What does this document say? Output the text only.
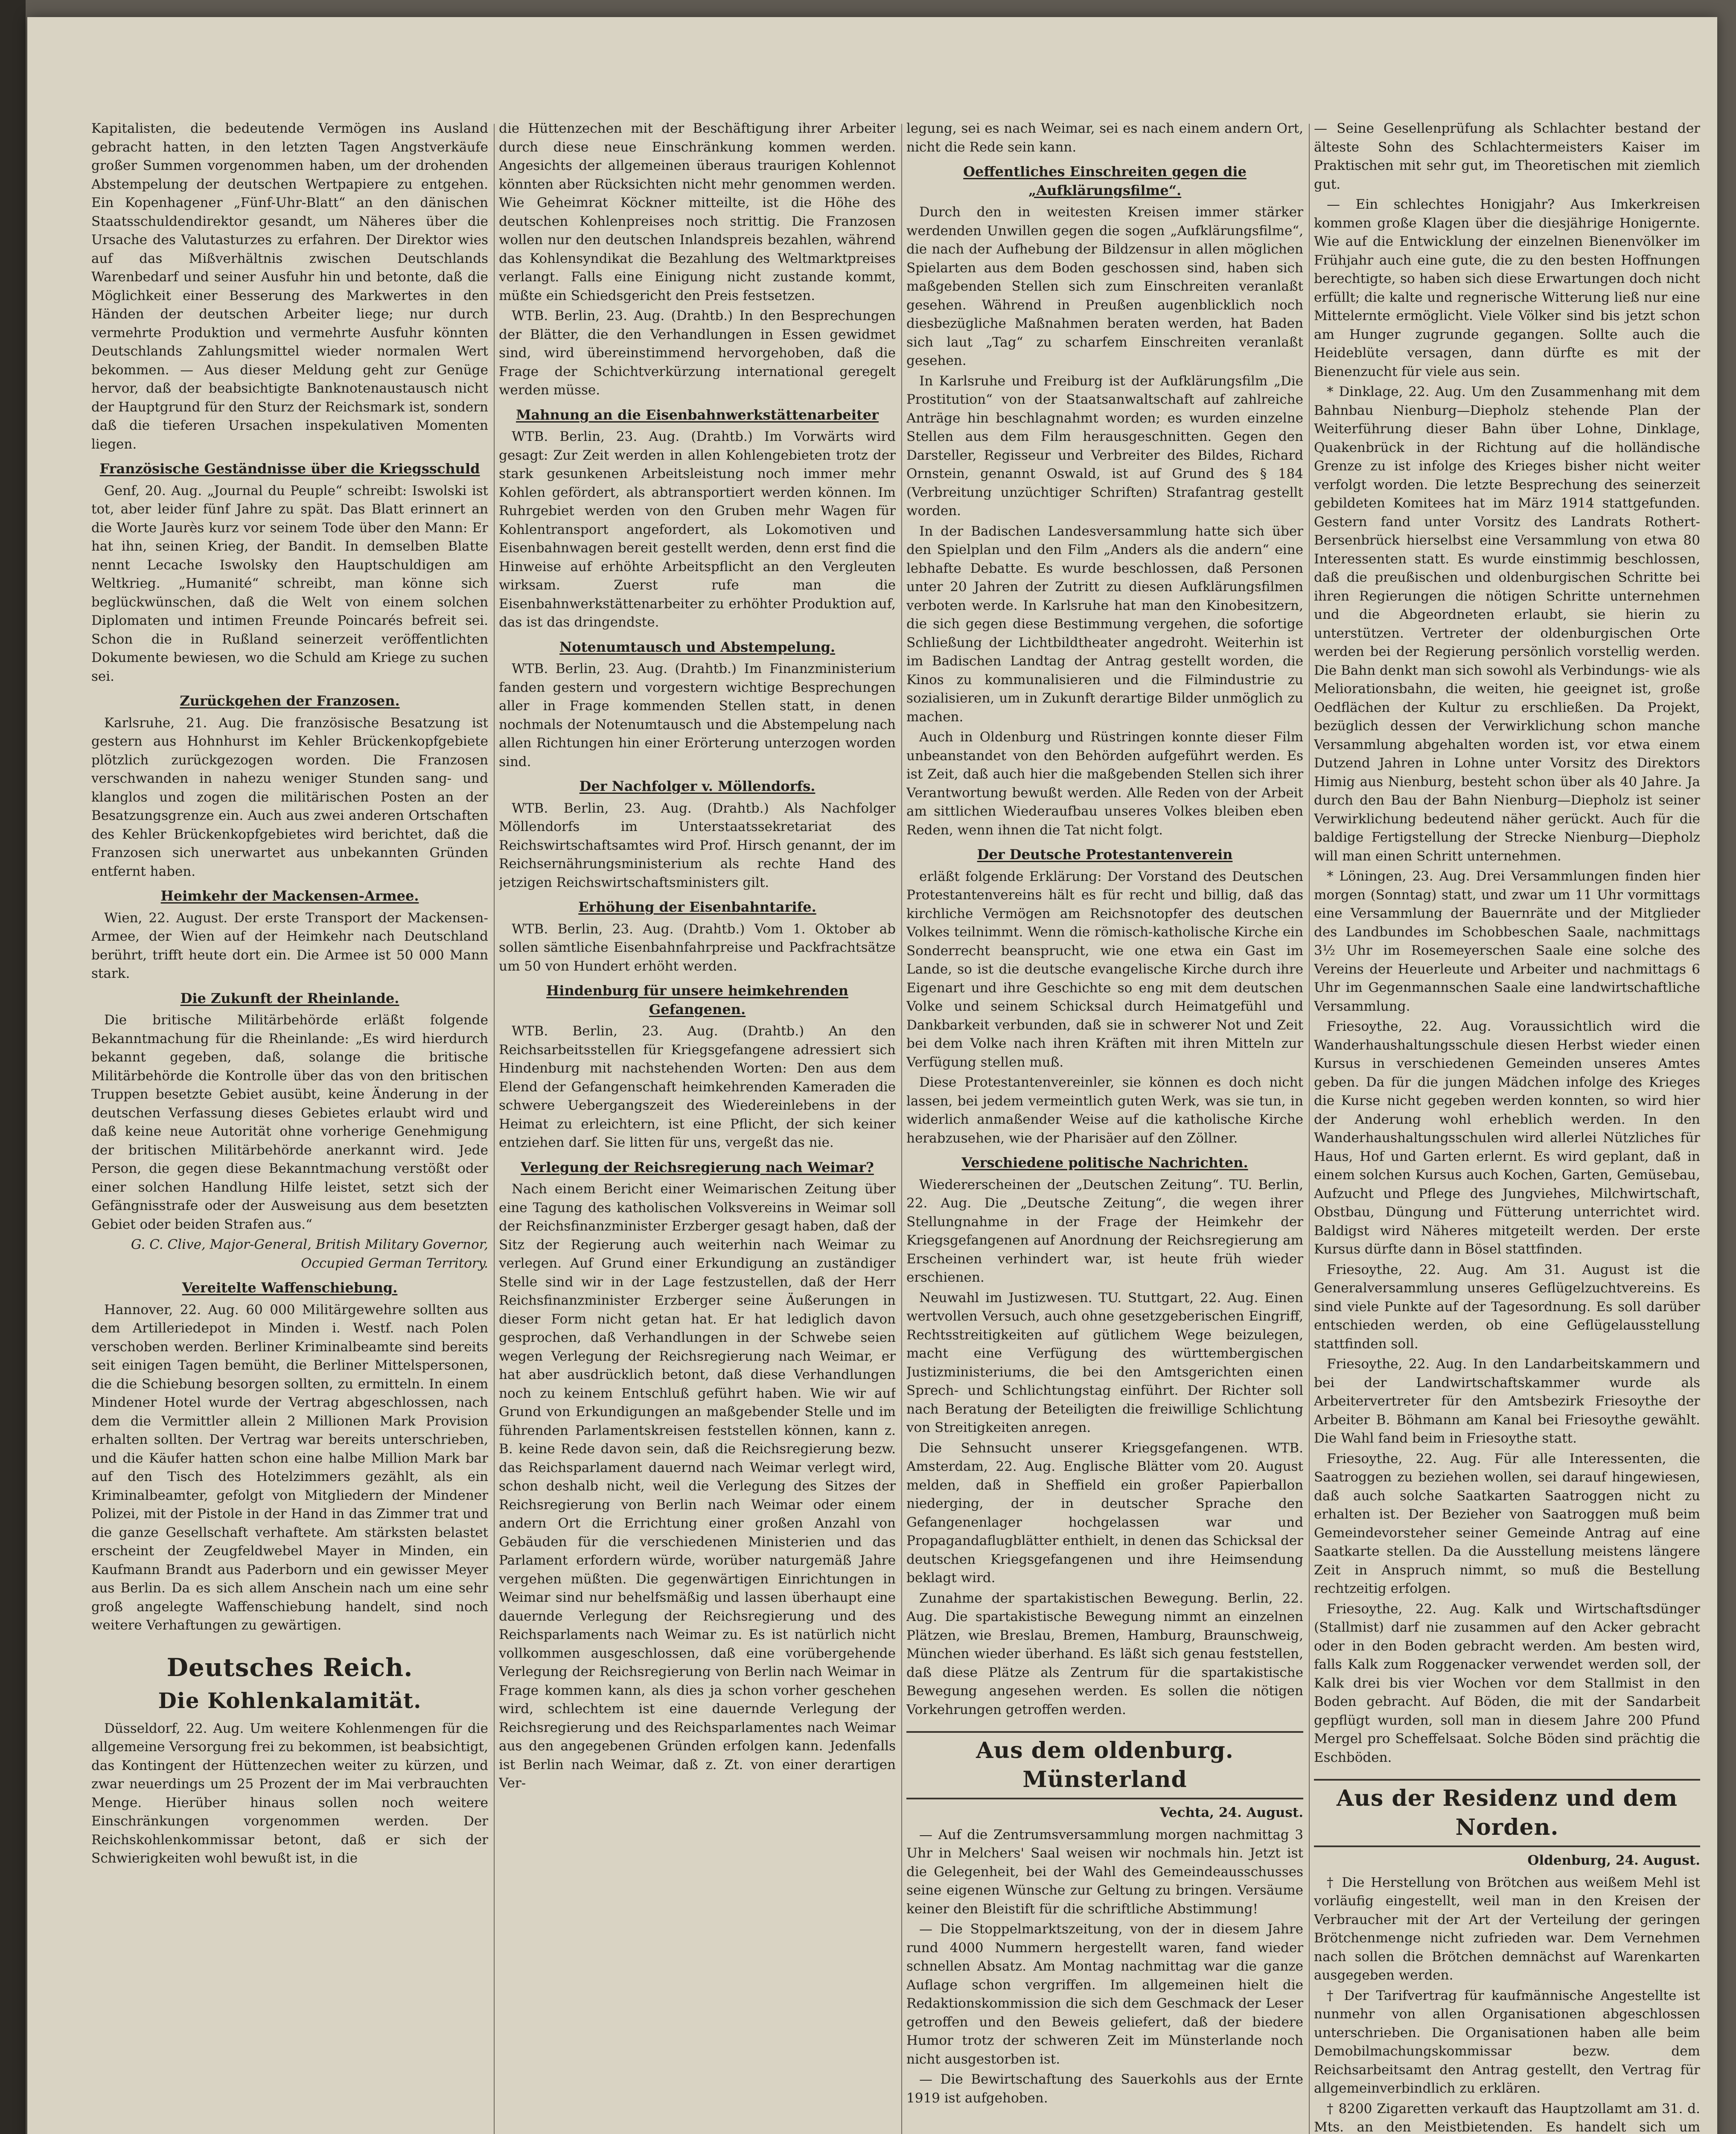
Kapitalisten, die bedeutende Vermögen ins Ausland gebracht hatten, in den letzten Tagen Angstverkäufe großer Summen vorgenommen haben, um der drohenden Abstempelung der deutschen Wertpapiere zu entgehen. Ein Kopenhagener „Fünf-Uhr-Blatt“ an den dänischen Staatsschuldendirektor gesandt, um Näheres über die Ursache des Valutasturzes zu erfahren. Der Direktor wies auf das Mißverhältnis zwischen Deutschlands Warenbedarf und seiner Ausfuhr hin und betonte, daß die Möglichkeit einer Besserung des Markwertes in den Händen der deutschen Arbeiter liege; nur durch vermehrte Produktion und vermehrte Ausfuhr könnten Deutschlands Zahlungsmittel wieder normalen Wert bekommen. — Aus dieser Meldung geht zur Genüge hervor, daß der beabsichtigte Banknotenaustausch nicht der Hauptgrund für den Sturz der Reichsmark ist, sondern daß die tieferen Ursachen inspekulativen Momenten liegen.

Französische Geständnisse über die Kriegsschuld

Genf, 20. Aug. „Journal du Peuple“ schreibt: Iswolski ist tot, aber leider fünf Jahre zu spät. Das Blatt erinnert an die Worte Jaurès kurz vor seinem Tode über den Mann: Er hat ihn, seinen Krieg, der Bandit. In demselben Blatte nennt Lecache Iswolsky den Hauptschuldigen am Weltkrieg. „Humanité“ schreibt, man könne sich beglückwünschen, daß die Welt von einem solchen Diplomaten und intimen Freunde Poincarés befreit sei. Schon die in Rußland seinerzeit veröffentlichten Dokumente bewiesen, wo die Schuld am Kriege zu suchen sei.

Zurückgehen der Franzosen.

Karlsruhe, 21. Aug. Die französische Besatzung ist gestern aus Hohnhurst im Kehler Brückenkopfgebiete plötzlich zurückgezogen worden. Die Franzosen verschwanden in nahezu weniger Stunden sang- und klanglos und zogen die militärischen Posten an der Besatzungsgrenze ein. Auch aus zwei anderen Ortschaften des Kehler Brückenkopfgebietes wird berichtet, daß die Franzosen sich unerwartet aus unbekannten Gründen entfernt haben.

Heimkehr der Mackensen-Armee.

Wien, 22. August. Der erste Transport der Mackensen-Armee, der Wien auf der Heimkehr nach Deutschland berührt, trifft heute dort ein. Die Armee ist 50 000 Mann stark.

Die Zukunft der Rheinlande.

Die britische Militärbehörde erläßt folgende Bekanntmachung für die Rheinlande: „Es wird hierdurch bekannt gegeben, daß, solange die britische Militärbehörde die Kontrolle über das von den britischen Truppen besetzte Gebiet ausübt, keine Änderung in der deutschen Verfassung dieses Gebietes erlaubt wird und daß keine neue Autorität ohne vorherige Genehmigung der britischen Militärbehörde anerkannt wird. Jede Person, die gegen diese Bekanntmachung verstößt oder einer solchen Handlung Hilfe leistet, setzt sich der Gefängnisstrafe oder der Ausweisung aus dem besetzten Gebiet oder beiden Strafen aus.“

G. C. Clive, Major-General, British Military Governor, Occupied German Territory.
Vereitelte Waffenschiebung.

Hannover, 22. Aug. 60 000 Militärgewehre sollten aus dem Artilleriedepot in Minden i. Westf. nach Polen verschoben werden. Berliner Kriminalbeamte sind bereits seit einigen Tagen bemüht, die Berliner Mittelspersonen, die die Schiebung besorgen sollten, zu ermitteln. In einem Mindener Hotel wurde der Vertrag abgeschlossen, nach dem die Vermittler allein 2 Millionen Mark Provision erhalten sollten. Der Vertrag war bereits unterschrieben, und die Käufer hatten schon eine halbe Million Mark bar auf den Tisch des Hotelzimmers gezählt, als ein Kriminalbeamter, gefolgt von Mitgliedern der Mindener Polizei, mit der Pistole in der Hand in das Zimmer trat und die ganze Gesellschaft verhaftete. Am stärksten belastet erscheint der Zeugfeldwebel Mayer in Minden, ein Kaufmann Brandt aus Paderborn und ein gewisser Meyer aus Berlin. Da es sich allem Anschein nach um eine sehr groß angelegte Waffenschiebung handelt, sind noch weitere Verhaftungen zu gewärtigen.

Deutsches Reich.
Die Kohlenkalamität.

Düsseldorf, 22. Aug. Um weitere Kohlenmengen für die allgemeine Versorgung frei zu bekommen, ist beabsichtigt, das Kontingent der Hüttenzechen weiter zu kürzen, und zwar neuerdings um 25 Prozent der im Mai verbrauchten Menge. Hierüber hinaus sollen noch weitere Einschränkungen vorgenommen werden. Der Reichskohlenkommissar betont, daß er sich der Schwierigkeiten wohl bewußt ist, in die

die Hüttenzechen mit der Beschäftigung ihrer Arbeiter durch diese neue Einschränkung kommen werden. Angesichts der allgemeinen überaus traurigen Kohlennot könnten aber Rücksichten nicht mehr genommen werden. Wie Geheimrat Köckner mitteilte, ist die Höhe des deutschen Kohlenpreises noch strittig. Die Franzosen wollen nur den deutschen Inlandspreis bezahlen, während das Kohlensyndikat die Bezahlung des Weltmarktpreises verlangt. Falls eine Einigung nicht zustande kommt, müßte ein Schiedsgericht den Preis festsetzen.

WTB. Berlin, 23. Aug. (Drahtb.) In den Besprechungen der Blätter, die den Verhandlungen in Essen gewidmet sind, wird übereinstimmend hervorgehoben, daß die Frage der Schichtverkürzung international geregelt werden müsse.

Mahnung an die Eisenbahnwerkstättenarbeiter

WTB. Berlin, 23. Aug. (Drahtb.) Im Vorwärts wird gesagt: Zur Zeit werden in allen Kohlengebieten trotz der stark gesunkenen Arbeitsleistung noch immer mehr Kohlen gefördert, als abtransportiert werden können. Im Ruhrgebiet werden von den Gruben mehr Wagen für Kohlentransport angefordert, als Lokomotiven und Eisenbahnwagen bereit gestellt werden, denn erst find die Hinweise auf erhöhte Arbeitspflicht an den Vergleuten wirksam. Zuerst rufe man die Eisenbahnwerkstättenarbeiter zu erhöhter Produktion auf, das ist das dringendste.

Notenumtausch und Abstempelung.

WTB. Berlin, 23. Aug. (Drahtb.) Im Finanzministerium fanden gestern und vorgestern wichtige Besprechungen aller in Frage kommenden Stellen statt, in denen nochmals der Notenumtausch und die Abstempelung nach allen Richtungen hin einer Erörterung unterzogen worden sind.

Der Nachfolger v. Möllendorfs.

WTB. Berlin, 23. Aug. (Drahtb.) Als Nachfolger Möllendorfs im Unterstaatssekretariat des Reichswirtschaftsamtes wird Prof. Hirsch genannt, der im Reichsernährungsministerium als rechte Hand des jetzigen Reichswirtschaftsministers gilt.

Erhöhung der Eisenbahntarife.

WTB. Berlin, 23. Aug. (Drahtb.) Vom 1. Oktober ab sollen sämtliche Eisenbahnfahrpreise und Packfrachtsätze um 50 von Hundert erhöht werden.

Hindenburg für unsere heimkehrenden Gefangenen.

WTB. Berlin, 23. Aug. (Drahtb.) An den Reichsarbeitsstellen für Kriegsgefangene adressiert sich Hindenburg mit nachstehenden Worten: Den aus dem Elend der Gefangenschaft heimkehrenden Kameraden die schwere Uebergangszeit des Wiedereinlebens in der Heimat zu erleichtern, ist eine Pflicht, der sich keiner entziehen darf. Sie litten für uns, vergeßt das nie.

Verlegung der Reichsregierung nach Weimar?

Nach einem Bericht einer Weimarischen Zeitung über eine Tagung des katholischen Volksvereins in Weimar soll der Reichsfinanzminister Erzberger gesagt haben, daß der Sitz der Regierung auch weiterhin nach Weimar zu verlegen. Auf Grund einer Erkundigung an zuständiger Stelle sind wir in der Lage festzustellen, daß der Herr Reichsfinanzminister Erzberger seine Äußerungen in dieser Form nicht getan hat. Er hat lediglich davon gesprochen, daß Verhandlungen in der Schwebe seien wegen Verlegung der Reichsregierung nach Weimar, er hat aber ausdrücklich betont, daß diese Verhandlungen noch zu keinem Entschluß geführt haben. Wie wir auf Grund von Erkundigungen an maßgebender Stelle und im führenden Parlamentskreisen feststellen können, kann z. B. keine Rede davon sein, daß die Reichsregierung bezw. das Reichsparlament dauernd nach Weimar verlegt wird, schon deshalb nicht, weil die Verlegung des Sitzes der Reichsregierung von Berlin nach Weimar oder einem andern Ort die Errichtung einer großen Anzahl von Gebäuden für die verschiedenen Ministerien und das Parlament erfordern würde, worüber naturgemäß Jahre vergehen müßten. Die gegenwärtigen Einrichtungen in Weimar sind nur behelfsmäßig und lassen überhaupt eine dauernde Verlegung der Reichsregierung und des Reichsparlaments nach Weimar zu. Es ist natürlich nicht vollkommen ausgeschlossen, daß eine vorübergehende Verlegung der Reichsregierung von Berlin nach Weimar in Frage kommen kann, als dies ja schon vorher geschehen wird, schlechtem ist eine dauernde Verlegung der Reichsregierung und des Reichsparlamentes nach Weimar aus den angegebenen Gründen erfolgen kann. Jedenfalls ist Berlin nach Weimar, daß z. Zt. von einer derartigen Ver-

legung, sei es nach Weimar, sei es nach einem andern Ort, nicht die Rede sein kann.

Oeffentliches Einschreiten gegen die „Aufklärungsfilme“.

Durch den in weitesten Kreisen immer stärker werdenden Unwillen gegen die sogen „Aufklärungsfilme“, die nach der Aufhebung der Bildzensur in allen möglichen Spielarten aus dem Boden geschossen sind, haben sich maßgebenden Stellen sich zum Einschreiten veranlaßt gesehen. Während in Preußen augenblicklich noch diesbezügliche Maßnahmen beraten werden, hat Baden sich laut „Tag“ zu scharfem Einschreiten veranlaßt gesehen.

In Karlsruhe und Freiburg ist der Aufklärungsfilm „Die Prostitution“ von der Staatsanwaltschaft auf zahlreiche Anträge hin beschlagnahmt worden; es wurden einzelne Stellen aus dem Film herausgeschnitten. Gegen den Darsteller, Regisseur und Verbreiter des Bildes, Richard Ornstein, genannt Oswald, ist auf Grund des § 184 (Verbreitung unzüchtiger Schriften) Strafantrag gestellt worden.

In der Badischen Landesversammlung hatte sich über den Spielplan und den Film „Anders als die andern“ eine lebhafte Debatte. Es wurde beschlossen, daß Personen unter 20 Jahren der Zutritt zu diesen Aufklärungsfilmen verboten werde. In Karlsruhe hat man den Kinobesitzern, die sich gegen diese Bestimmung vergehen, die sofortige Schließung der Lichtbildtheater angedroht. Weiterhin ist im Badischen Landtag der Antrag gestellt worden, die Kinos zu kommunalisieren und die Filmindustrie zu sozialisieren, um in Zukunft derartige Bilder unmöglich zu machen.

Auch in Oldenburg und Rüstringen konnte dieser Film unbeanstandet von den Behörden aufgeführt werden. Es ist Zeit, daß auch hier die maßgebenden Stellen sich ihrer Verantwortung bewußt werden. Alle Reden von der Arbeit am sittlichen Wiederaufbau unseres Volkes bleiben eben Reden, wenn ihnen die Tat nicht folgt.

Der Deutsche Protestantenverein

erläßt folgende Erklärung: Der Vorstand des Deutschen Protestantenvereins hält es für recht und billig, daß das kirchliche Vermögen am Reichsnotopfer des deutschen Volkes teilnimmt. Wenn die römisch-katholische Kirche ein Sonderrecht beansprucht, wie one etwa ein Gast im Lande, so ist die deutsche evangelische Kirche durch ihre Eigenart und ihre Geschichte so eng mit dem deutschen Volke und seinem Schicksal durch Heimatgefühl und Dankbarkeit verbunden, daß sie in schwerer Not und Zeit bei dem Volke nach ihren Kräften mit ihren Mitteln zur Verfügung stellen muß.

Diese Protestantenvereinler, sie können es doch nicht lassen, bei jedem vermeintlich guten Werk, was sie tun, in widerlich anmaßender Weise auf die katholische Kirche herabzusehen, wie der Pharisäer auf den Zöllner.

Verschiedene politische Nachrichten.

Wiedererscheinen der „Deutschen Zeitung“. TU. Berlin, 22. Aug. Die „Deutsche Zeitung“, die wegen ihrer Stellungnahme in der Frage der Heimkehr der Kriegsgefangenen auf Anordnung der Reichsregierung am Erscheinen verhindert war, ist heute früh wieder erschienen.

Neuwahl im Justizwesen. TU. Stuttgart, 22. Aug. Einen wertvollen Versuch, auch ohne gesetzgeberischen Eingriff, Rechtsstreitigkeiten auf gütlichem Wege beizulegen, macht eine Verfügung des württembergischen Justizministeriums, die bei den Amtsgerichten einen Sprech- und Schlichtungstag einführt. Der Richter soll nach Beratung der Beteiligten die freiwillige Schlichtung von Streitigkeiten anregen.

Die Sehnsucht unserer Kriegsgefangenen. WTB. Amsterdam, 22. Aug. Englische Blätter vom 20. August melden, daß in Sheffield ein großer Papierballon niederging, der in deutscher Sprache den Gefangenenlager hochgelassen war und Propagandaflugblätter enthielt, in denen das Schicksal der deutschen Kriegsgefangenen und ihre Heimsendung beklagt wird.

Zunahme der spartakistischen Bewegung. Berlin, 22. Aug. Die spartakistische Bewegung nimmt an einzelnen Plätzen, wie Breslau, Bremen, Hamburg, Braunschweig, München wieder überhand. Es läßt sich genau feststellen, daß diese Plätze als Zentrum für die spartakistische Bewegung angesehen werden. Es sollen die nötigen Vorkehrungen getroffen werden.

Aus dem oldenburg. Münsterland
Vechta, 24. August.

— Auf die Zentrumsversammlung morgen nachmittag 3 Uhr in Melchers' Saal weisen wir nochmals hin. Jetzt ist die Gelegenheit, bei der Wahl des Gemeindeausschusses seine eigenen Wünsche zur Geltung zu bringen. Versäume keiner den Bleistift für die schriftliche Abstimmung!

— Die Stoppelmarktszeitung, von der in diesem Jahre rund 4000 Nummern hergestellt waren, fand wieder schnellen Absatz. Am Montag nachmittag war die ganze Auflage schon vergriffen. Im allgemeinen hielt die Redaktionskommission die sich dem Geschmack der Leser getroffen und den Beweis geliefert, daß der biedere Humor trotz der schweren Zeit im Münsterlande noch nicht ausgestorben ist.

— Die Bewirtschaftung des Sauerkohls aus der Ernte 1919 ist aufgehoben.

— Seine Gesellenprüfung als Schlachter bestand der älteste Sohn des Schlachtermeisters Kaiser im Praktischen mit sehr gut, im Theoretischen mit ziemlich gut.

— Ein schlechtes Honigjahr? Aus Imkerkreisen kommen große Klagen über die diesjährige Honigernte. Wie auf die Entwicklung der einzelnen Bienenvölker im Frühjahr auch eine gute, die zu den besten Hoffnungen berechtigte, so haben sich diese Erwartungen doch nicht erfüllt; die kalte und regnerische Witterung ließ nur eine Mittelernte ermöglicht. Viele Völker sind bis jetzt schon am Hunger zugrunde gegangen. Sollte auch die Heideblüte versagen, dann dürfte es mit der Bienenzucht für viele aus sein.

* Dinklage, 22. Aug. Um den Zusammenhang mit dem Bahnbau Nienburg—Diepholz stehende Plan der Weiterführung dieser Bahn über Lohne, Dinklage, Quakenbrück in der Richtung auf die holländische Grenze zu ist infolge des Krieges bisher nicht weiter verfolgt worden. Die letzte Besprechung des seinerzeit gebildeten Komitees hat im März 1914 stattgefunden. Gestern fand unter Vorsitz des Landrats Rothert-Bersenbrück hierselbst eine Versammlung von etwa 80 Interessenten statt. Es wurde einstimmig beschlossen, daß die preußischen und oldenburgischen Schritte bei ihren Regierungen die nötigen Schritte unternehmen und die Abgeordneten erlaubt, sie hierin zu unterstützen. Vertreter der oldenburgischen Orte werden bei der Regierung persönlich vorstellig werden. Die Bahn denkt man sich sowohl als Verbindungs- wie als Meliorationsbahn, die weiten, hie geeignet ist, große Oedflächen der Kultur zu erschließen. Da Projekt, bezüglich dessen der Verwirklichung schon manche Versammlung abgehalten worden ist, vor etwa einem Dutzend Jahren in Lohne unter Vorsitz des Direktors Himig aus Nienburg, besteht schon über als 40 Jahre. Ja durch den Bau der Bahn Nienburg—Diepholz ist seiner Verwirklichung bedeutend näher gerückt. Auch für die baldige Fertigstellung der Strecke Nienburg—Diepholz will man einen Schritt unternehmen.

* Löningen, 23. Aug. Drei Versammlungen finden hier morgen (Sonntag) statt, und zwar um 11 Uhr vormittags eine Versammlung der Bauernräte und der Mitglieder des Landbundes im Schobbeschen Saale, nachmittags 3½ Uhr im Rosemeyerschen Saale eine solche des Vereins der Heuerleute und Arbeiter und nachmittags 6 Uhr im Gegenmannschen Saale eine landwirtschaftliche Versammlung.

Friesoythe, 22. Aug. Voraussichtlich wird die Wanderhaushaltungsschule diesen Herbst wieder einen Kursus in verschiedenen Gemeinden unseres Amtes geben. Da für die jungen Mädchen infolge des Krieges die Kurse nicht gegeben werden konnten, so wird hier der Anderung wohl erheblich werden. In den Wanderhaushaltungsschulen wird allerlei Nützliches für Haus, Hof und Garten erlernt. Es wird geplant, daß in einem solchen Kursus auch Kochen, Garten, Gemüsebau, Aufzucht und Pflege des Jungviehes, Milchwirtschaft, Obstbau, Düngung und Fütterung unterrichtet wird. Baldigst wird Näheres mitgeteilt werden. Der erste Kursus dürfte dann in Bösel stattfinden.

Friesoythe, 22. Aug. Am 31. August ist die Generalversammlung unseres Geflügelzuchtvereins. Es sind viele Punkte auf der Tagesordnung. Es soll darüber entschieden werden, ob eine Geflügelausstellung stattfinden soll.

Friesoythe, 22. Aug. In den Landarbeitskammern und bei der Landwirtschaftskammer wurde als Arbeitervertreter für den Amtsbezirk Friesoythe der Arbeiter B. Böhmann am Kanal bei Friesoythe gewählt. Die Wahl fand beim in Friesoythe statt.

Friesoythe, 22. Aug. Für alle Interessenten, die Saatroggen zu beziehen wollen, sei darauf hingewiesen, daß auch solche Saatkarten Saatroggen nicht zu erhalten ist. Der Bezieher von Saatroggen muß beim Gemeindevorsteher seiner Gemeinde Antrag auf eine Saatkarte stellen. Da die Ausstellung meistens längere Zeit in Anspruch nimmt, so muß die Bestellung rechtzeitig erfolgen.

Friesoythe, 22. Aug. Kalk und Wirtschaftsdünger (Stallmist) darf nie zusammen auf den Acker gebracht oder in den Boden gebracht werden. Am besten wird, falls Kalk zum Roggenacker verwendet werden soll, der Kalk drei bis vier Wochen vor dem Stallmist in den Boden gebracht. Auf Böden, die mit der Sandarbeit gepflügt wurden, soll man in diesem Jahre 200 Pfund Mergel pro Scheffelsaat. Solche Böden sind prächtig die Eschböden.

Aus der Residenz und dem Norden.
Oldenburg, 24. August.

† Die Herstellung von Brötchen aus weißem Mehl ist vorläufig eingestellt, weil man in den Kreisen der Verbraucher mit der Art der Verteilung der geringen Brötchenmenge nicht zufrieden war. Dem Vernehmen nach sollen die Brötchen demnächst auf Warenkarten ausgegeben werden.

† Der Tarifvertrag für kaufmännische Angestellte ist nunmehr von allen Organisationen abgeschlossen unterschrieben. Die Organisationen haben alle beim Demobilmachungskommissar bezw. dem Reichsarbeitsamt den Antrag gestellt, den Vertrag für allgemeinverbindlich zu erklären.

† 8200 Zigaretten verkauft das Hauptzollamt am 31. d. Mts. an den Meistbietenden. Es handelt sich um
